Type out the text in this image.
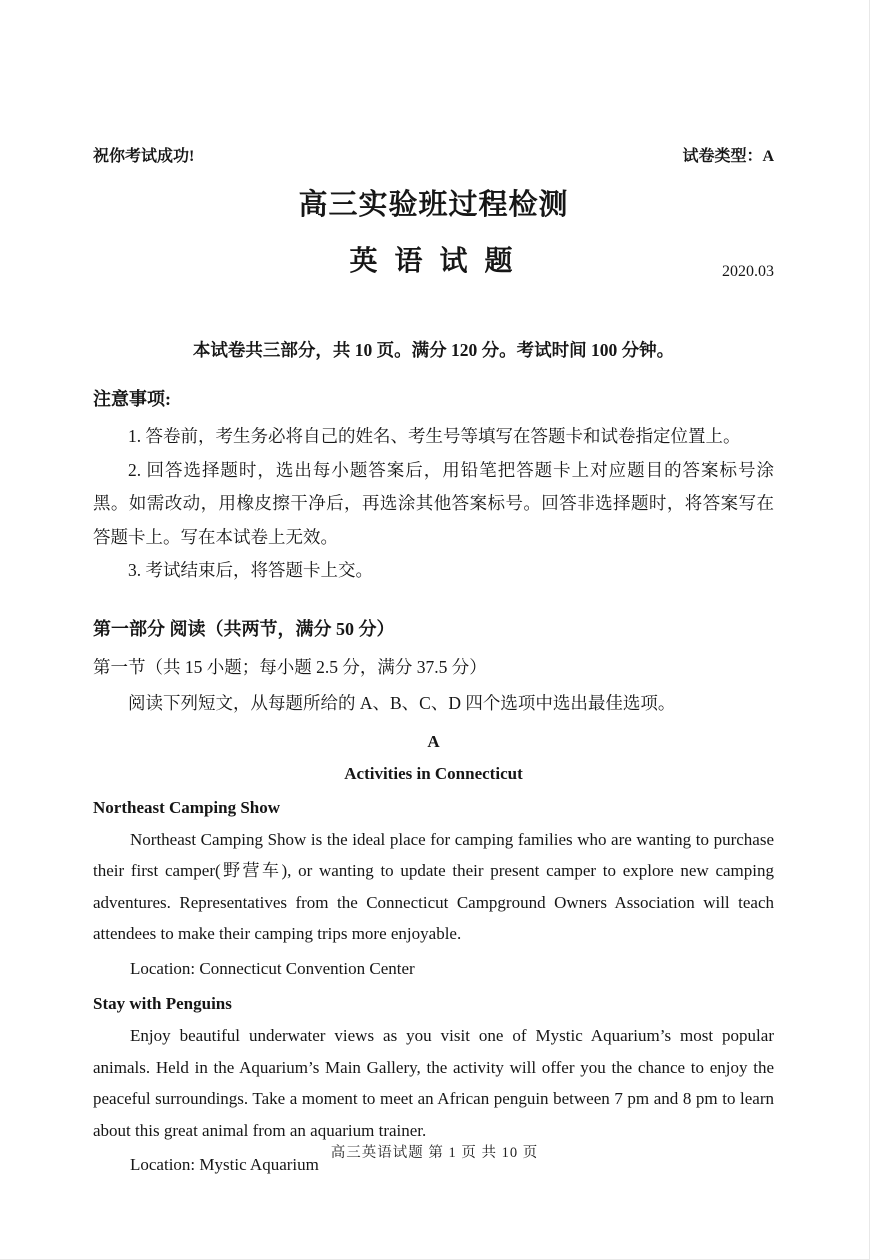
祝你考试成功!	试卷类型：A
高三实验班过程检测
英 语 试 题	2020.03
本试卷共三部分，共 10 页。满分 120 分。考试时间 100 分钟。
注意事项:

1. 答卷前，考生务必将自己的姓名、考生号等填写在答题卡和试卷指定位置上。

2. 回答选择题时，选出每小题答案后，用铅笔把答题卡上对应题目的答案标号涂黑。如需改动，用橡皮擦干净后，再选涂其他答案标号。回答非选择题时，将答案写在答题卡上。写在本试卷上无效。

3. 考试结束后，将答题卡上交。

第一部分 阅读（共两节，满分 50 分）
第一节（共 15 小题；每小题 2.5 分，满分 37.5 分）
阅读下列短文，从每题所给的 A、B、C、D 四个选项中选出最佳选项。
A
Activities in Connecticut
Northeast Camping Show

Northeast Camping Show is the ideal place for camping families who are wanting to purchase their first camper(野营车), or wanting to update their present camper to explore new camping adventures. Representatives from the Connecticut Campground Owners Association will teach attendees to make their camping trips more enjoyable.

Location: Connecticut Convention Center
Stay with Penguins

Enjoy beautiful underwater views as you visit one of Mystic Aquarium’s most popular animals. Held in the Aquarium’s Main Gallery, the activity will offer you the chance to enjoy the peaceful surroundings. Take a moment to meet an African penguin between 7 pm and 8 pm to learn about this great animal from an aquarium trainer.

Location: Mystic Aquarium
高三英语试题 第 1 页 共 10 页
